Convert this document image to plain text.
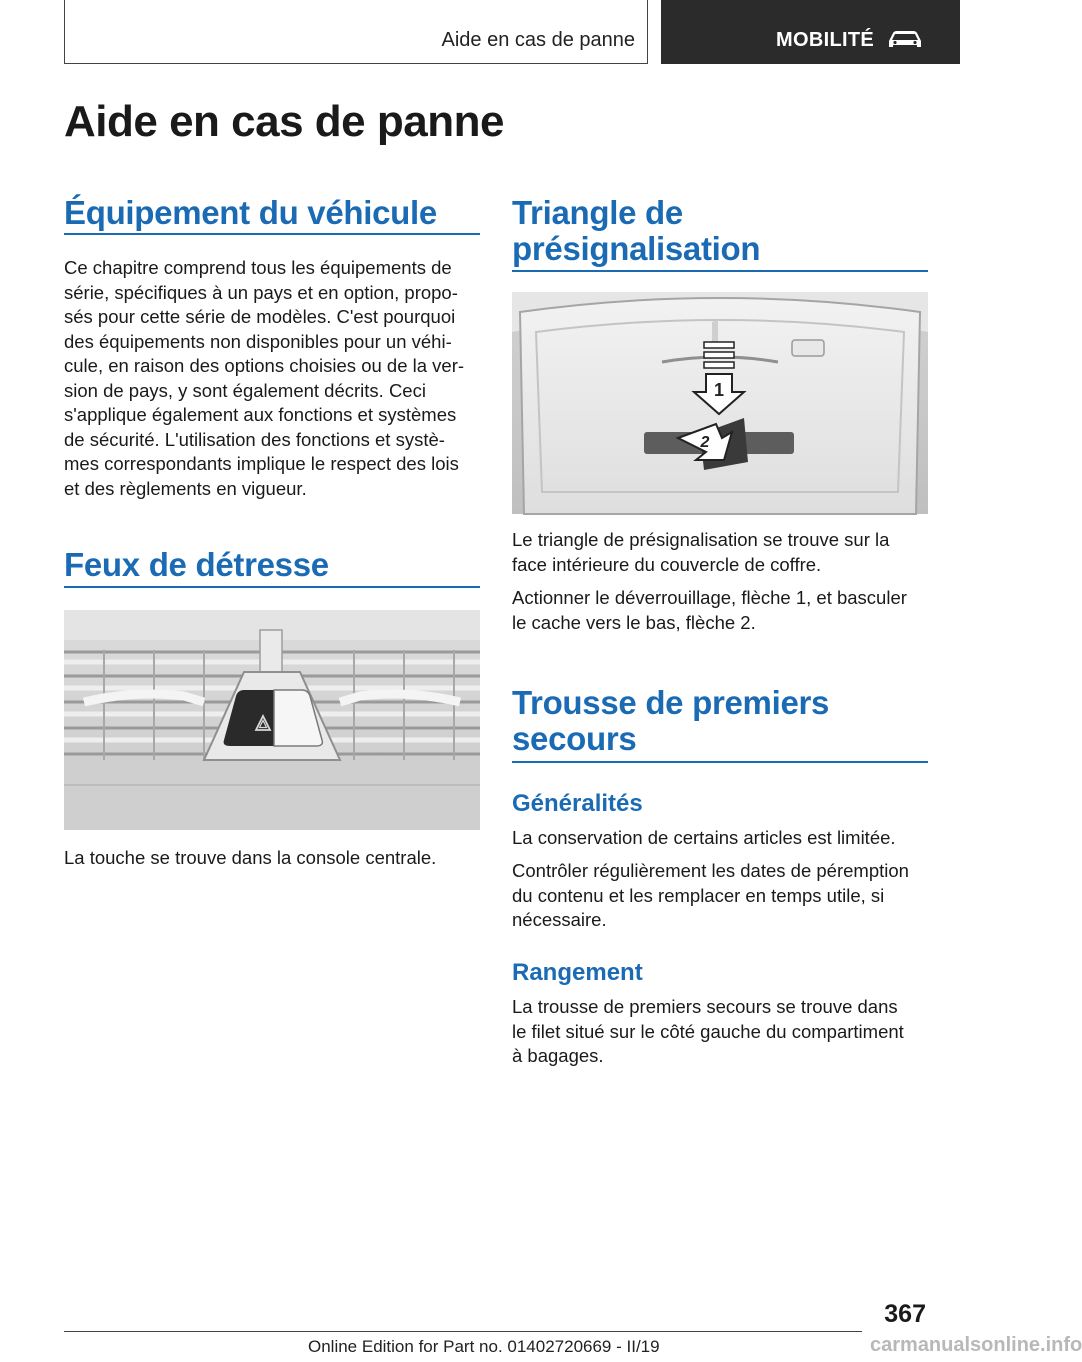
Aide en cas de panne	MOBILITÉ
Aide en cas de panne
Équipement du véhicule
Ce chapitre comprend tous les équipements de
série, spécifiques à un pays et en option, propo‐
sés pour cette série de modèles. C'est pourquoi
des équipements non disponibles pour un véhi‐
cule, en raison des options choisies ou de la ver‐
sion de pays, y sont également décrits. Ceci
s'applique également aux fonctions et systèmes
de sécurité. L'utilisation des fonctions et systè‐
mes correspondants implique le respect des lois
et des règlements en vigueur.
Feux de détresse

La touche se trouve dans la console centrale.

Triangle de
présignalisation
1
2
Le triangle de présignalisation se trouve sur la
face intérieure du couvercle de coffre.
Actionner le déverrouillage, flèche 1, et basculer
le cache vers le bas, flèche 2.
Trousse de premiers
secours
Généralités
La conservation de certains articles est limitée.
Contrôler régulièrement les dates de péremption
du contenu et les remplacer en temps utile, si
nécessaire.
Rangement
La trousse de premiers secours se trouve dans
le filet situé sur le côté gauche du compartiment
à bagages.
367
Online Edition for Part no. 01402720669 - II/19	carmanualsonline.info
